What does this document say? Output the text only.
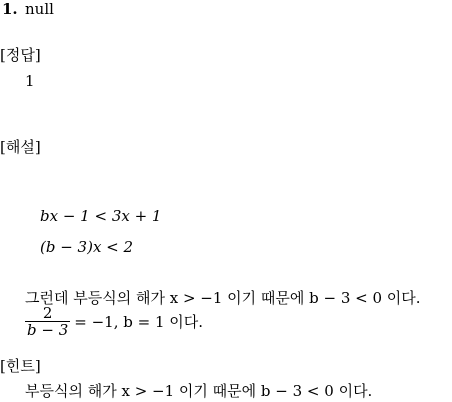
1. null
[정답]
1
[해설]
bx − 1 < 3x + 1
(b − 3)x < 2
그런데 부등식의 해가 x > −1 이기 때문에 b − 3 < 0 이다.
$\frac{2}{b - 3} = -1$, b = 1 이다.
[힌트]
부등식의 해가 x > −1 이기 때문에 b − 3 < 0 이다.
